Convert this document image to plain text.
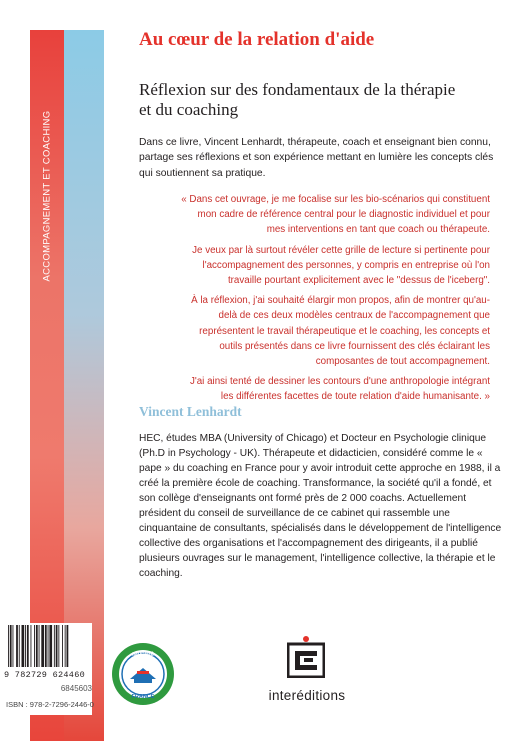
ACCOMPAGNEMENT ET COACHING
Au cœur de la relation d'aide
Réflexion sur des fondamentaux de la thérapie et du coaching
Dans ce livre, Vincent Lenhardt, thérapeute, coach et enseignant bien connu, partage ses réflexions et son expérience mettant en lumière les concepts clés qui soutiennent sa pratique.

« Dans cet ouvrage, je me focalise sur les bio-scénarios qui constituent mon cadre de référence central pour le diagnostic individuel et pour mes interventions en tant que coach ou thérapeute.

Je veux par là surtout révéler cette grille de lecture si pertinente pour l'accompagnement des personnes, y compris en entreprise où l'on travaille pourtant explicitement avec le "dessus de l'iceberg".

À la réflexion, j'ai souhaité élargir mon propos, afin de montrer qu'au-delà de ces deux modèles centraux de l'accompagnement que représentent le travail thérapeutique et le coaching, les concepts et outils présentés dans ce livre fournissent des clés éclairant les composantes de tout accompagnement.

J'ai ainsi tenté de dessiner les contours d'une anthropologie intégrant les différentes facettes de toute relation d'aide humanisante. »

Vincent Lenhardt
HEC, études MBA (University of Chicago) et Docteur en Psychologie clinique (Ph.D in Psychology - UK). Thérapeute et didacticien, considéré comme le « pape » du coaching en France pour y avoir introduit cette approche en 1988, il a créé la première école de coaching. Transformance, la société qu'il a fondé, et son collège d'enseignants ont formé près de 2 000 coachs. Actuellement président du conseil de surveillance de ce cabinet qui rassemble une cinquantaine de consultants, spécialisés dans le développement de l'intelligence collective des organisations et l'accompagnement des dirigeants, il a publié plusieurs ouvrages sur le management, l'intelligence collective, la thérapie et le coaching.
9 782729 624460
6845603
ISBN : 978-2-7296-2446-0
IMPRIMÉ
FRANCE	interéditions
